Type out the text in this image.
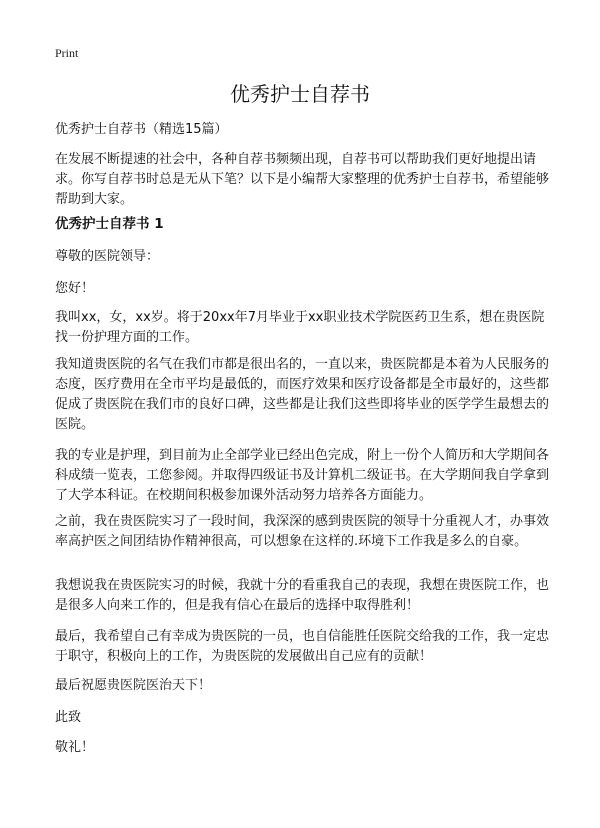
Print
优秀护士自荐书

优秀护士自荐书（精选15篇）

在发展不断提速的社会中，各种自荐书频频出现，自荐书可以帮助我们更好地提出请求。你写自荐书时总是无从下笔？以下是小编帮大家整理的优秀护士自荐书，希望能够帮助到大家。

优秀护士自荐书 1

尊敬的医院领导：

您好！

我叫xx，女，xx岁。将于20xx年7月毕业于xx职业技术学院医药卫生系，想在贵医院找一份护理方面的工作。

我知道贵医院的名气在我们市都是很出名的，一直以来，贵医院都是本着为人民服务的态度，医疗费用在全市平均是最低的，而医疗效果和医疗设备都是全市最好的，这些都促成了贵医院在我们市的良好口碑，这些都是让我们这些即将毕业的医学学生最想去的医院。

我的专业是护理，到目前为止全部学业已经出色完成，附上一份个人简历和大学期间各科成绩一览表，工您参阅。并取得四级证书及计算机二级证书。在大学期间我自学拿到了大学本科证。在校期间积极参加课外活动努力培养各方面能力。

之前，我在贵医院实习了一段时间，我深深的感到贵医院的领导十分重视人才，办事效率高护医之间团结协作精神很高，可以想象在这样的.环境下工作我是多么的自豪。

我想说我在贵医院实习的时候，我就十分的看重我自己的表现，我想在贵医院工作，也是很多人向来工作的，但是我有信心在最后的选择中取得胜利！

最后，我希望自己有幸成为贵医院的一员，也自信能胜任医院交给我的工作，我一定忠于职守，积极向上的工作，为贵医院的发展做出自己应有的贡献！

最后祝愿贵医院医治天下！

此致

敬礼！
